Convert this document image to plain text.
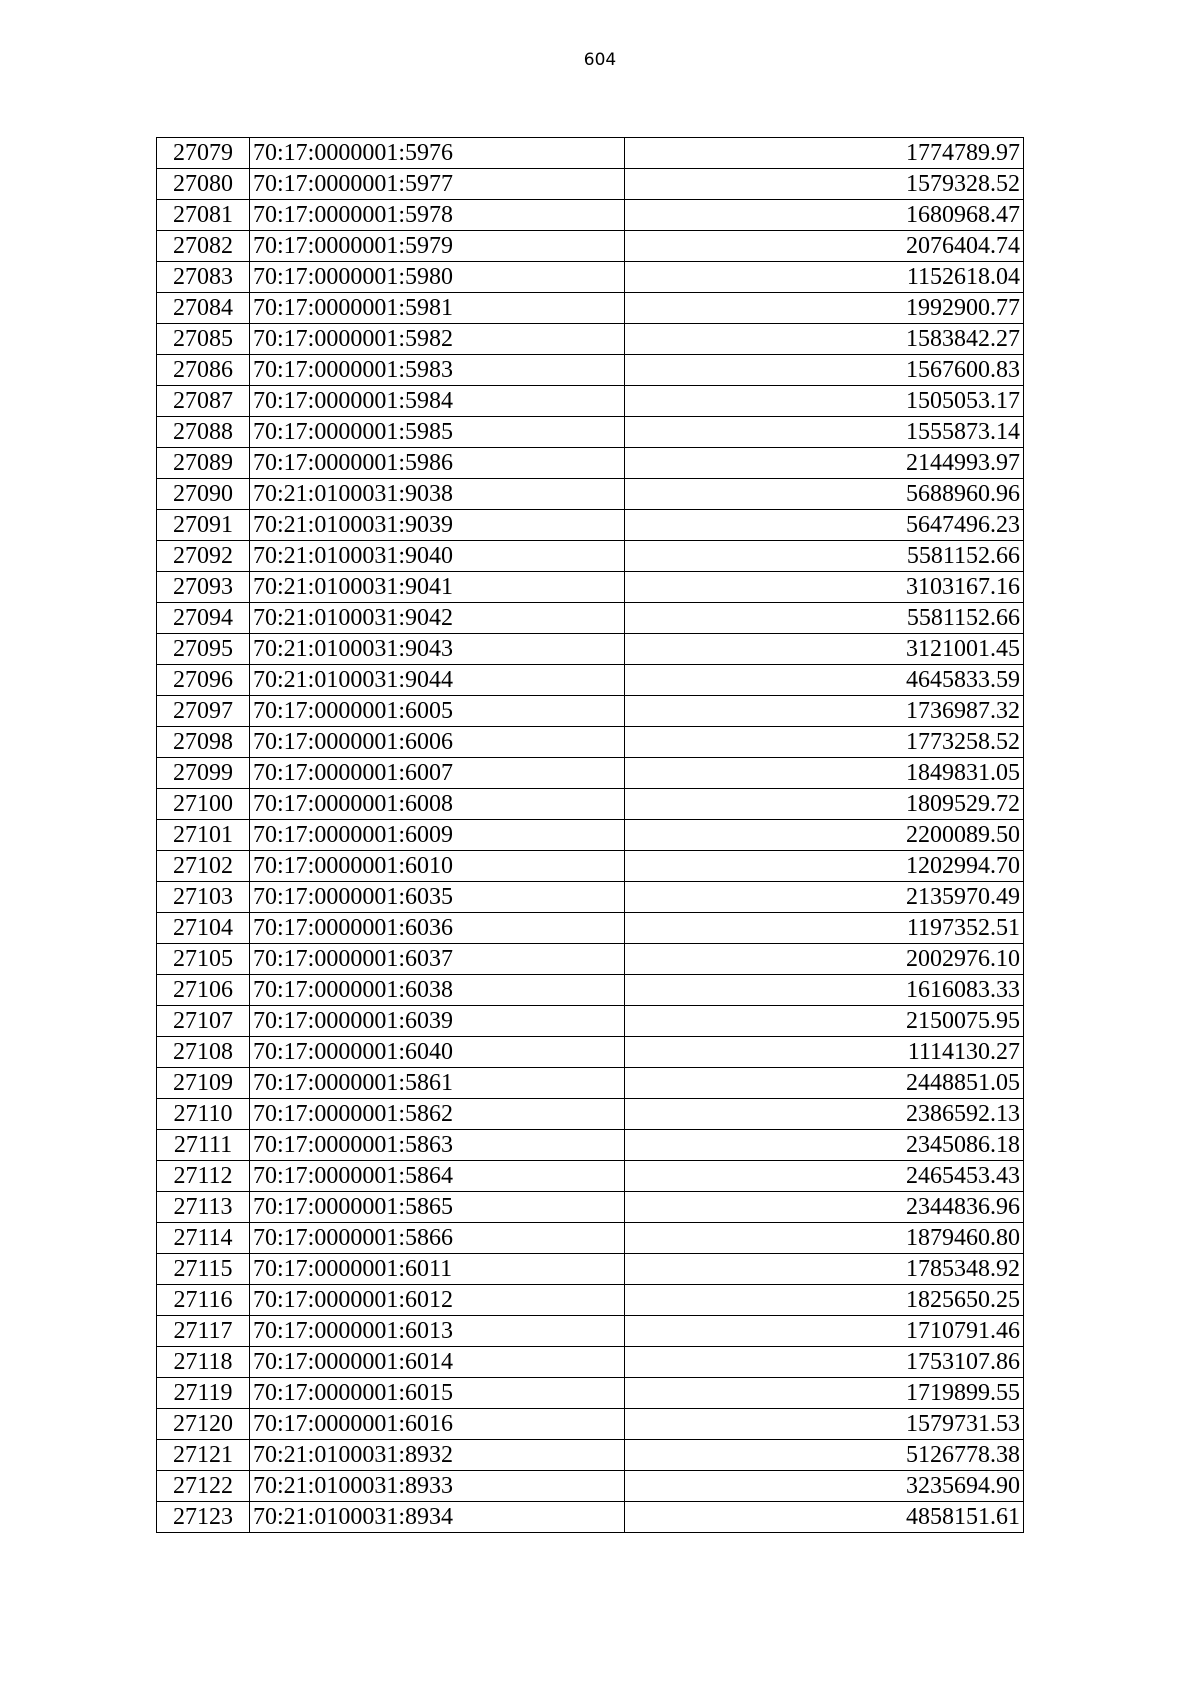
604
27079	70:17:0000001:5976	1774789.97
27080	70:17:0000001:5977	1579328.52
27081	70:17:0000001:5978	1680968.47
27082	70:17:0000001:5979	2076404.74
27083	70:17:0000001:5980	1152618.04
27084	70:17:0000001:5981	1992900.77
27085	70:17:0000001:5982	1583842.27
27086	70:17:0000001:5983	1567600.83
27087	70:17:0000001:5984	1505053.17
27088	70:17:0000001:5985	1555873.14
27089	70:17:0000001:5986	2144993.97
27090	70:21:0100031:9038	5688960.96
27091	70:21:0100031:9039	5647496.23
27092	70:21:0100031:9040	5581152.66
27093	70:21:0100031:9041	3103167.16
27094	70:21:0100031:9042	5581152.66
27095	70:21:0100031:9043	3121001.45
27096	70:21:0100031:9044	4645833.59
27097	70:17:0000001:6005	1736987.32
27098	70:17:0000001:6006	1773258.52
27099	70:17:0000001:6007	1849831.05
27100	70:17:0000001:6008	1809529.72
27101	70:17:0000001:6009	2200089.50
27102	70:17:0000001:6010	1202994.70
27103	70:17:0000001:6035	2135970.49
27104	70:17:0000001:6036	1197352.51
27105	70:17:0000001:6037	2002976.10
27106	70:17:0000001:6038	1616083.33
27107	70:17:0000001:6039	2150075.95
27108	70:17:0000001:6040	1114130.27
27109	70:17:0000001:5861	2448851.05
27110	70:17:0000001:5862	2386592.13
27111	70:17:0000001:5863	2345086.18
27112	70:17:0000001:5864	2465453.43
27113	70:17:0000001:5865	2344836.96
27114	70:17:0000001:5866	1879460.80
27115	70:17:0000001:6011	1785348.92
27116	70:17:0000001:6012	1825650.25
27117	70:17:0000001:6013	1710791.46
27118	70:17:0000001:6014	1753107.86
27119	70:17:0000001:6015	1719899.55
27120	70:17:0000001:6016	1579731.53
27121	70:21:0100031:8932	5126778.38
27122	70:21:0100031:8933	3235694.90
27123	70:21:0100031:8934	4858151.61
